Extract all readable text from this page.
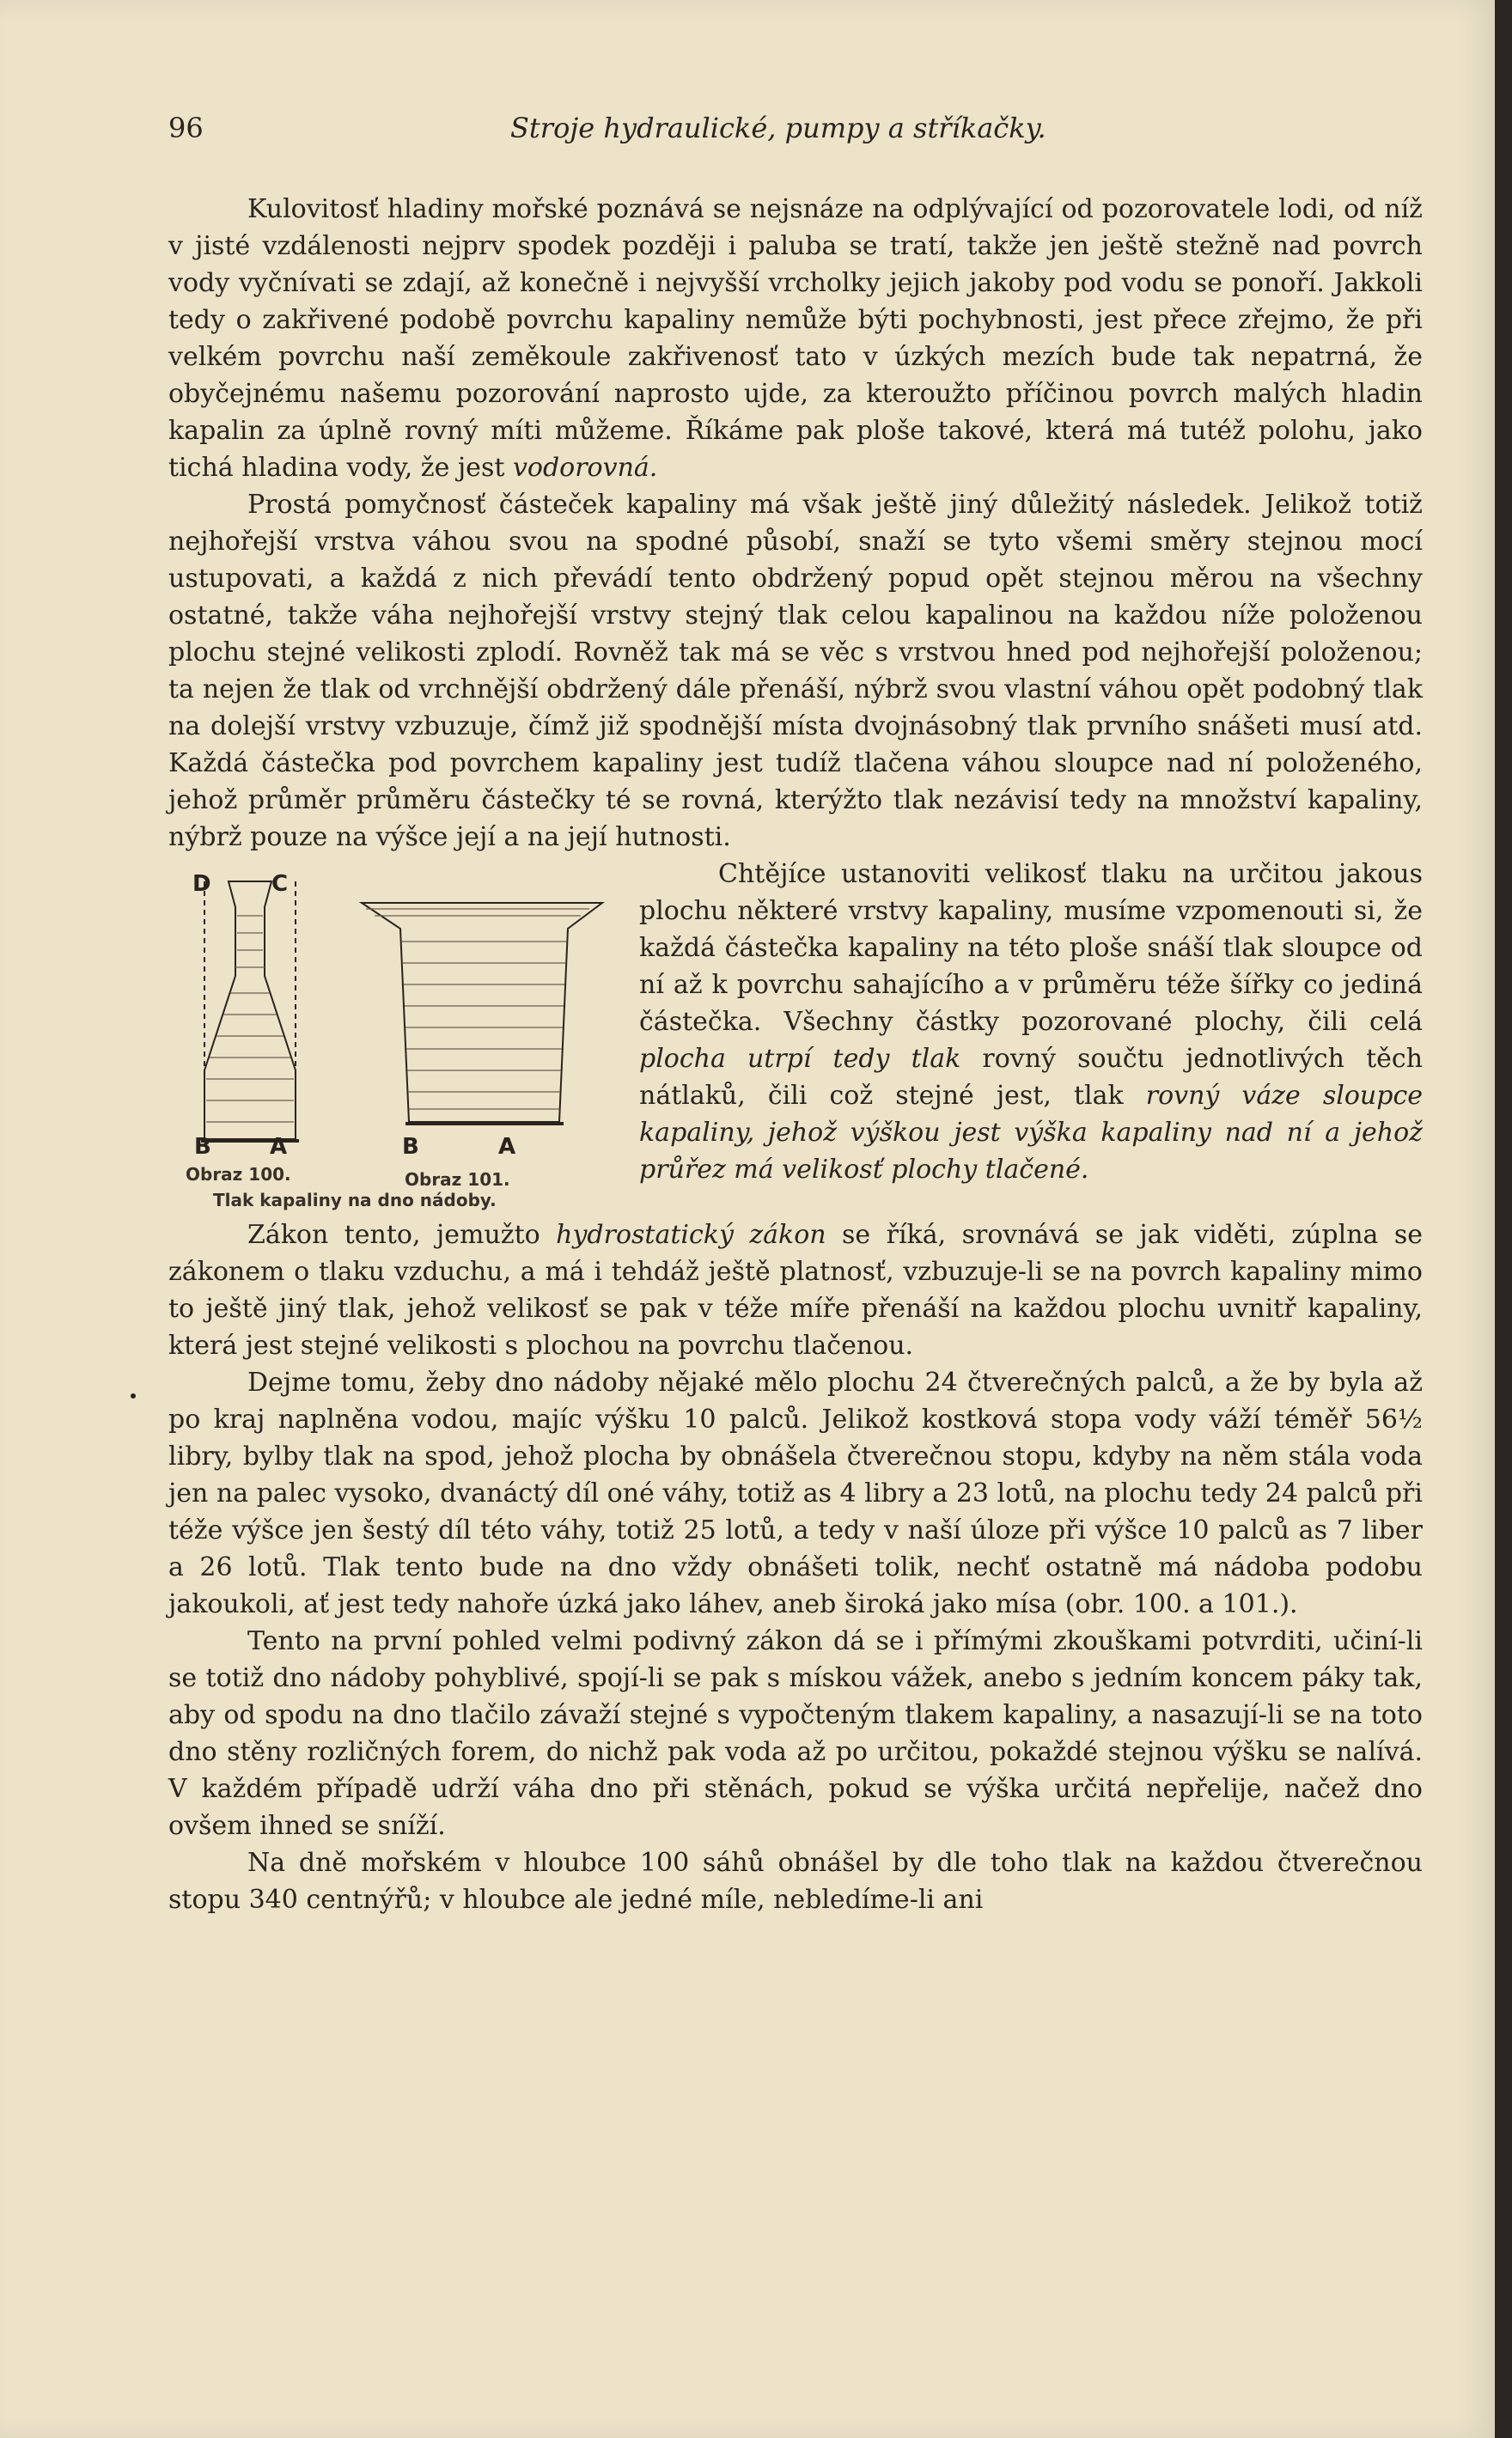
96	Stroje hydraulické, pumpy a stříkačky.

Kulovitosť hladiny mořské poznává se nejsnáze na odplývající od pozorovatele lodi, od níž v jisté vzdálenosti nejprv spodek později i paluba se tratí, takže jen ještě stežně nad povrch vody vyčnívati se zdají, až konečně i nejvyšší vrcholky jejich jakoby pod vodu se ponoří. Jakkoli tedy o zakřivené podobě povrchu kapaliny nemůže býti pochybnosti, jest přece zřejmo, že při velkém povrchu naší zeměkoule zakřivenosť tato v úzkých mezích bude tak nepatrná, že obyčejnému našemu pozorování naprosto ujde, za kteroužto příčinou povrch malých hladin kapalin za úplně rovný míti můžeme. Říkáme pak ploše takové, která má tutéž polohu, jako tichá hladina vody, že jest vodorovná.

Prostá pomyčnosť částeček kapaliny má však ještě jiný důležitý následek. Jelikož totiž nejhořejší vrstva váhou svou na spodné působí, snaží se tyto všemi směry stejnou mocí ustupovati, a každá z nich převádí tento obdržený popud opět stejnou měrou na všechny ostatné, takže váha nejhořejší vrstvy stejný tlak celou kapalinou na každou níže položenou plochu stejné velikosti zplodí. Rovněž tak má se věc s vrstvou hned pod nejhořejší položenou; ta nejen že tlak od vrchnější obdržený dále přenáší, nýbrž svou vlastní váhou opět podobný tlak na dolejší vrstvy vzbuzuje, čímž již spodnější místa dvojnásobný tlak prvního snášeti musí atd. Každá částečka pod povrchem kapaliny jest tudíž tlačena váhou sloupce nad ní položeného, jehož průměr průměru částečky té se rovná, kterýžto tlak nezávisí tedy na množství kapaliny, nýbrž pouze na výšce její a na její hutnosti.

D	C
B	A	B	A
Obraz 100.	Obraz 101.
Tlak kapaliny na dno nádoby.

Chtějíce ustanoviti velikosť tlaku na určitou jakous plochu některé vrstvy kapaliny, musíme vzpomenouti si, že každá částečka kapaliny na této ploše snáší tlak sloupce od ní až k povrchu sahajícího a v průměru téže šířky co jediná částečka. Všechny částky pozorované plochy, čili celá plocha utrpí tedy tlak rovný součtu jednotlivých těch nátlaků, čili což stejné jest, tlak rovný váze sloupce kapaliny, jehož výškou jest výška kapaliny nad ní a jehož průřez má velikosť plochy tlačené.

Zákon tento, jemužto hydrostatický zákon se říká, srovnává se jak viděti, zúplna se zákonem o tlaku vzduchu, a má i tehdáž ještě platnosť, vzbuzuje-li se na povrch kapaliny mimo to ještě jiný tlak, jehož velikosť se pak v téže míře přenáší na každou plochu uvnitř kapaliny, která jest stejné velikosti s plochou na povrchu tlačenou.

Dejme tomu, žeby dno nádoby nějaké mělo plochu 24 čtverečných palců, a že by byla až po kraj naplněna vodou, majíc výšku 10 palců. Jelikož kostková stopa vody váží téměř 56½ libry, bylby tlak na spod, jehož plocha by obnášela čtverečnou stopu, kdyby na něm stála voda jen na palec vysoko, dvanáctý díl oné váhy, totiž as 4 libry a 23 lotů, na plochu tedy 24 palců při téže výšce jen šestý díl této váhy, totiž 25 lotů, a tedy v naší úloze při výšce 10 palců as 7 liber a 26 lotů. Tlak tento bude na dno vždy obnášeti tolik, nechť ostatně má nádoba podobu jakoukoli, ať jest tedy nahoře úzká jako láhev, aneb široká jako mísa (obr. 100. a 101.).

Tento na první pohled velmi podivný zákon dá se i přímými zkouškami potvrditi, učiní-li se totiž dno nádoby pohyblivé, spojí-li se pak s mískou vážek, anebo s jedním koncem páky tak, aby od spodu na dno tlačilo závaží stejné s vypočteným tlakem kapaliny, a nasazují-li se na toto dno stěny rozličných forem, do nichž pak voda až po určitou, pokaždé stejnou výšku se nalívá. V každém případě udrží váha dno při stěnách, pokud se výška určitá nepřelije, načež dno ovšem ihned se sníží.

Na dně mořském v hloubce 100 sáhů obnášel by dle toho tlak na každou čtverečnou stopu 340 centnýřů; v hloubce ale jedné míle, nebledíme-li ani
